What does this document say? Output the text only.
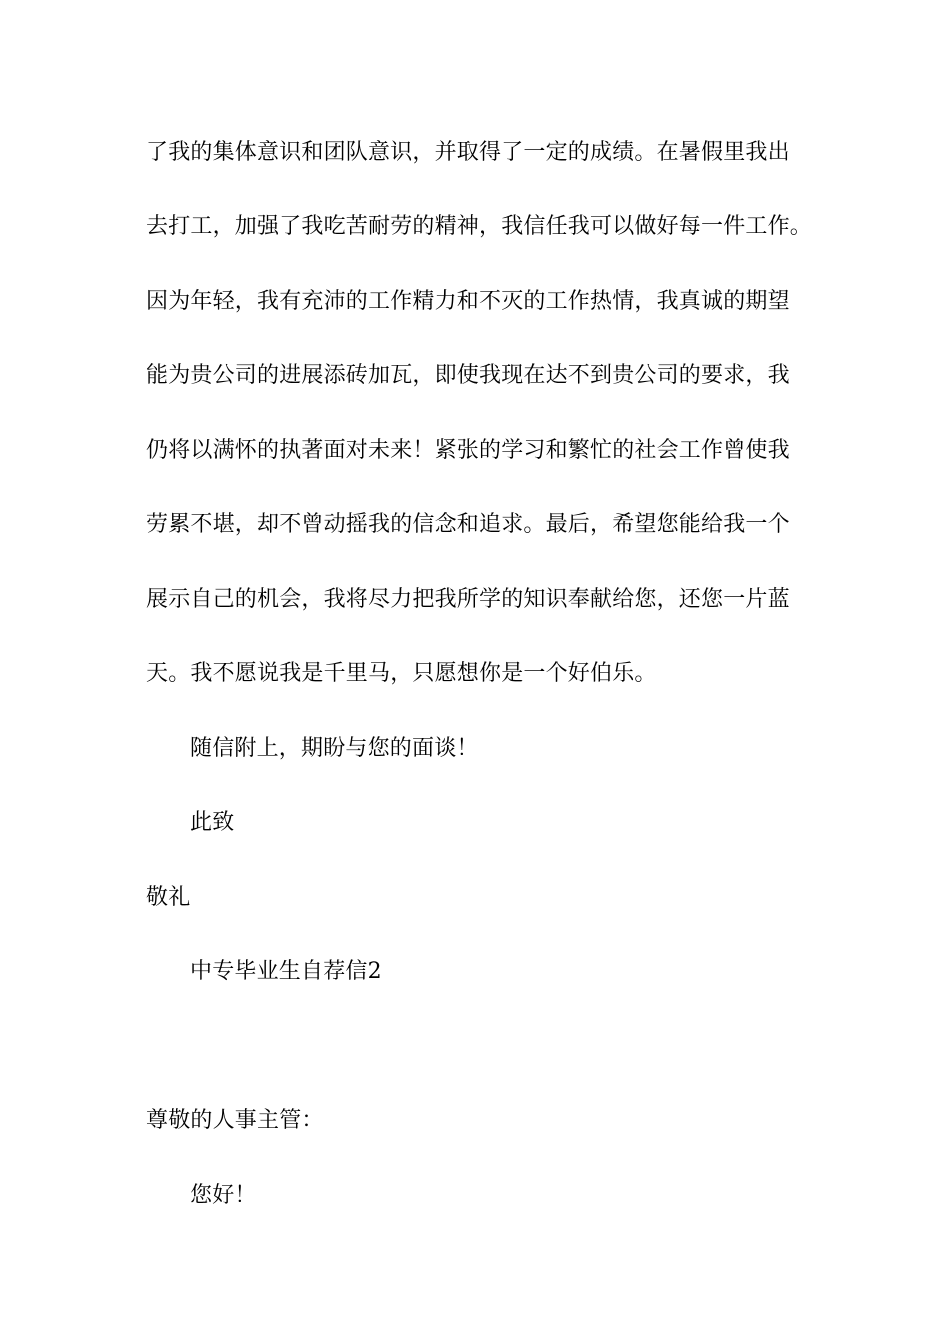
了我的集体意识和团队意识，并取得了一定的成绩。在暑假里我出
去打工，加强了我吃苦耐劳的精神，我信任我可以做好每一件工作。
因为年轻，我有充沛的工作精力和不灭的工作热情，我真诚的期望
能为贵公司的进展添砖加瓦，即使我现在达不到贵公司的要求，我
仍将以满怀的执著面对未来！紧张的学习和繁忙的社会工作曾使我
劳累不堪，却不曾动摇我的信念和追求。最后，希望您能给我一个
展示自己的机会，我将尽力把我所学的知识奉献给您，还您一片蓝
天。我不愿说我是千里马，只愿想你是一个好伯乐。
随信附上，期盼与您的面谈！
此致
敬礼
中专毕业生自荐信2
尊敬的人事主管：
您好！
